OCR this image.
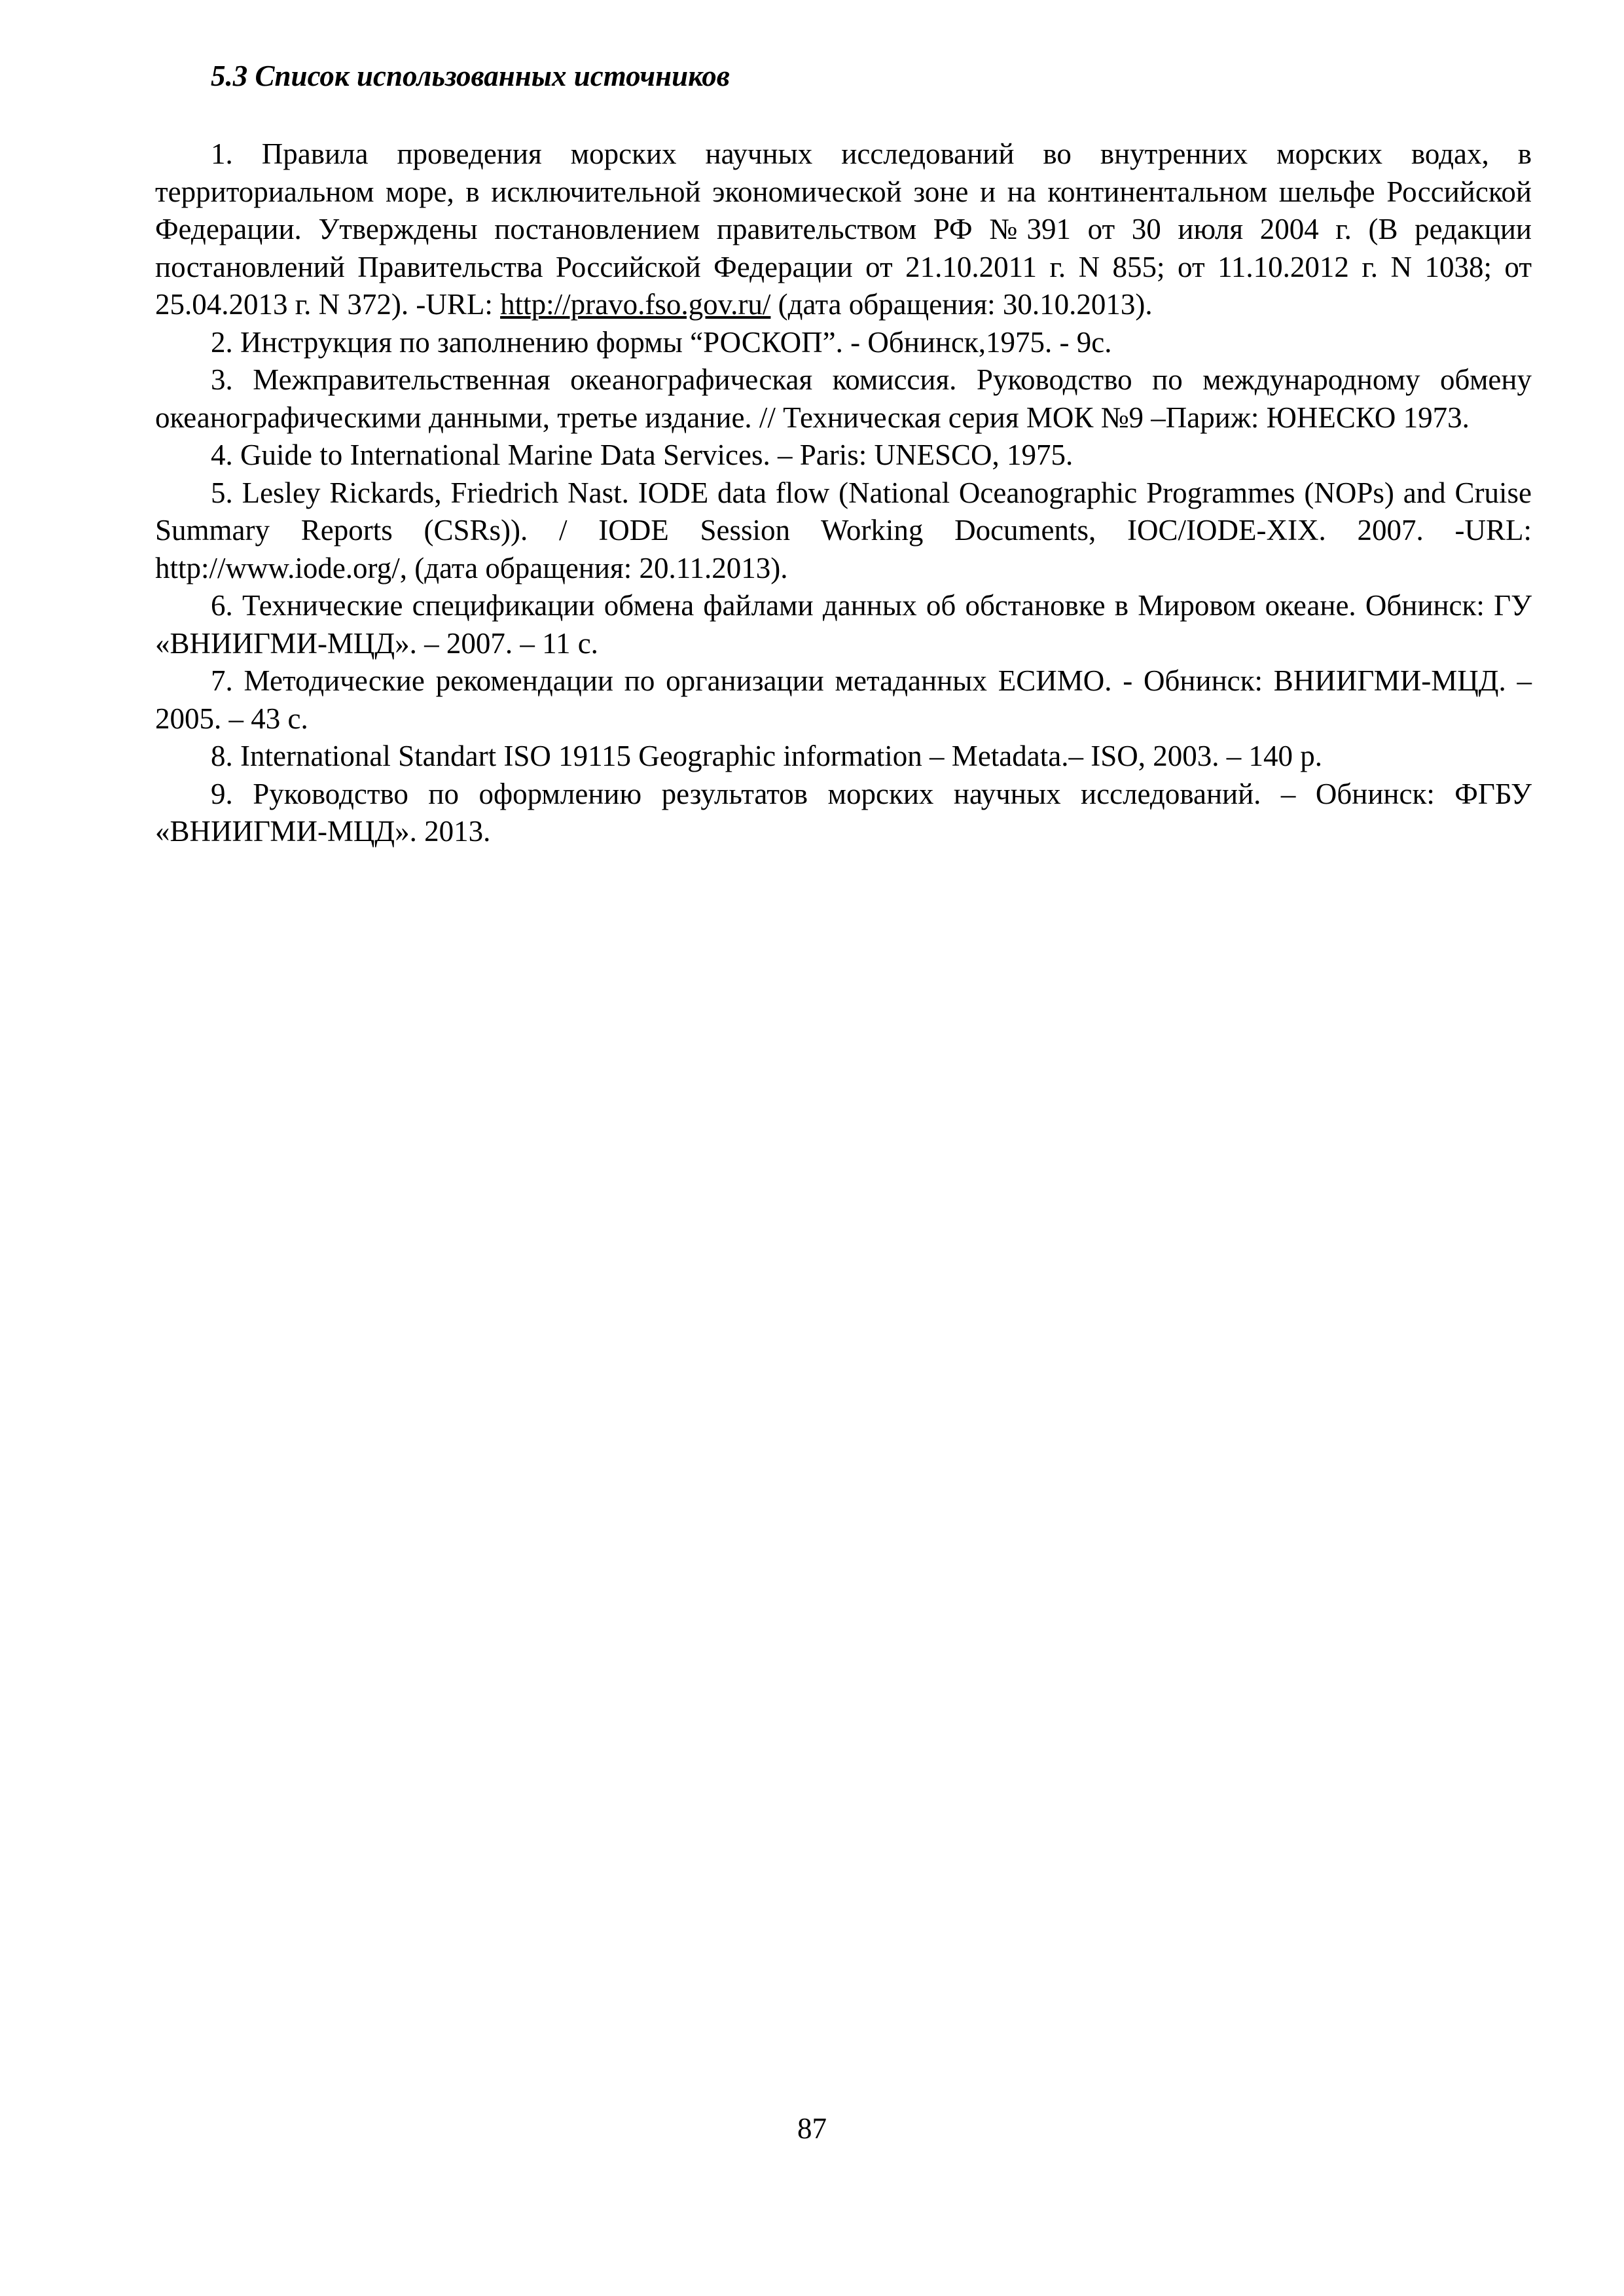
5.3 Список использованных источников
1. Правила проведения морских научных исследований во внутренних морских водах, в территориальном море, в исключительной экономической зоне и на континентальном шельфе Российской Федерации. Утверждены постановлением правительством РФ №391 от 30 июля 2004 г. (В редакции постановлений Правительства Российской Федерации от 21.10.2011 г. N 855; от 11.10.2012 г. N 1038; от 25.04.2013 г. N 372). -URL: http://pravo.fso.gov.ru/ (дата обращения: 30.10.2013).
2. Инструкция по заполнению формы “РОСКОП”. - Обнинск,1975. - 9с.
3. Межправительственная океанографическая комиссия. Руководство по международному обмену океанографическими данными, третье издание. // Техническая серия МОК №9 –Париж: ЮНЕСКО 1973.
4. Guide to International Marine Data Services. – Paris: UNESCO, 1975.
5. Lesley Rickards, Friedrich Nast. IODE data flow (National Oceanographic Programmes (NOPs) and Cruise Summary Reports (CSRs)). / IODE Session Working Documents, IOC/IODE-XIX. 2007. -URL: http://www.iode.org/, (дата обращения: 20.11.2013).
6. Технические спецификации обмена файлами данных об обстановке в Мировом океане. Обнинск: ГУ «ВНИИГМИ-МЦД». – 2007. – 11 с.
7. Методические рекомендации по организации метаданных ЕСИМО. - Обнинск: ВНИИГМИ-МЦД. – 2005. – 43 с.
8. International Standart ISO 19115 Geographic information – Metadata.– ISO, 2003. – 140 p.
9. Руководство по оформлению результатов морских научных исследований. – Обнинск: ФГБУ «ВНИИГМИ-МЦД». 2013.
87
